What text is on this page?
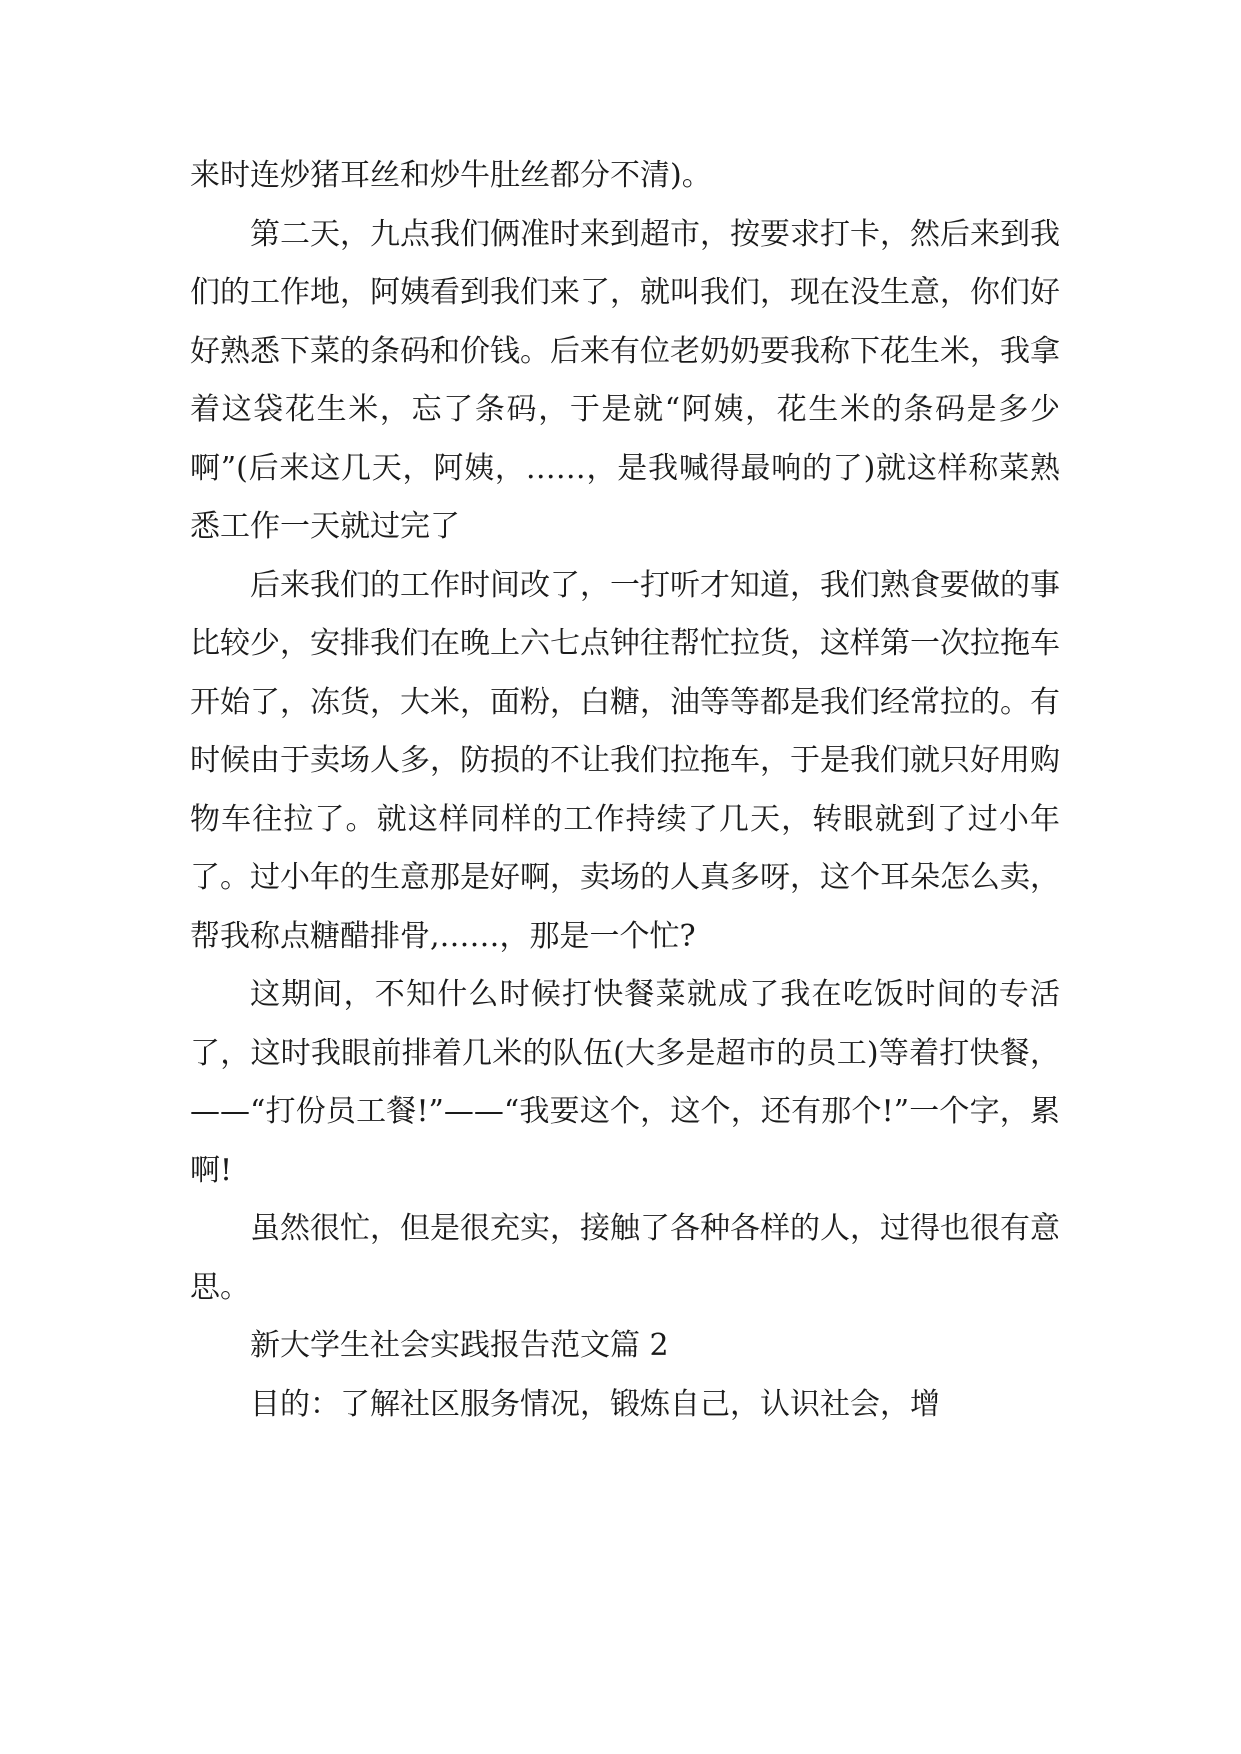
来时连炒猪耳丝和炒牛肚丝都分不清)。

第二天，九点我们俩准时来到超市，按要求打卡，然后来到我们的工作地，阿姨看到我们来了，就叫我们，现在没生意，你们好好熟悉下菜的条码和价钱。后来有位老奶奶要我称下花生米，我拿着这袋花生米，忘了条码，于是就“阿姨，花生米的条码是多少啊”(后来这几天，阿姨，……，是我喊得最响的了)就这样称菜熟悉工作一天就过完了

后来我们的工作时间改了，一打听才知道，我们熟食要做的事比较少，安排我们在晚上六七点钟往帮忙拉货，这样第一次拉拖车开始了，冻货，大米，面粉，白糖，油等等都是我们经常拉的。有时候由于卖场人多，防损的不让我们拉拖车，于是我们就只好用购物车往拉了。就这样同样的工作持续了几天，转眼就到了过小年了。过小年的生意那是好啊，卖场的人真多呀，这个耳朵怎么卖，帮我称点糖醋排骨,……，那是一个忙?

这期间，不知什么时候打快餐菜就成了我在吃饭时间的专活了，这时我眼前排着几米的队伍(大多是超市的员工)等着打快餐，——“打份员工餐!”——“我要这个，这个，还有那个!”一个字，累啊!

虽然很忙，但是很充实，接触了各种各样的人，过得也很有意思。

新大学生社会实践报告范文篇 2

目的：了解社区服务情况，锻炼自己，认识社会，增
